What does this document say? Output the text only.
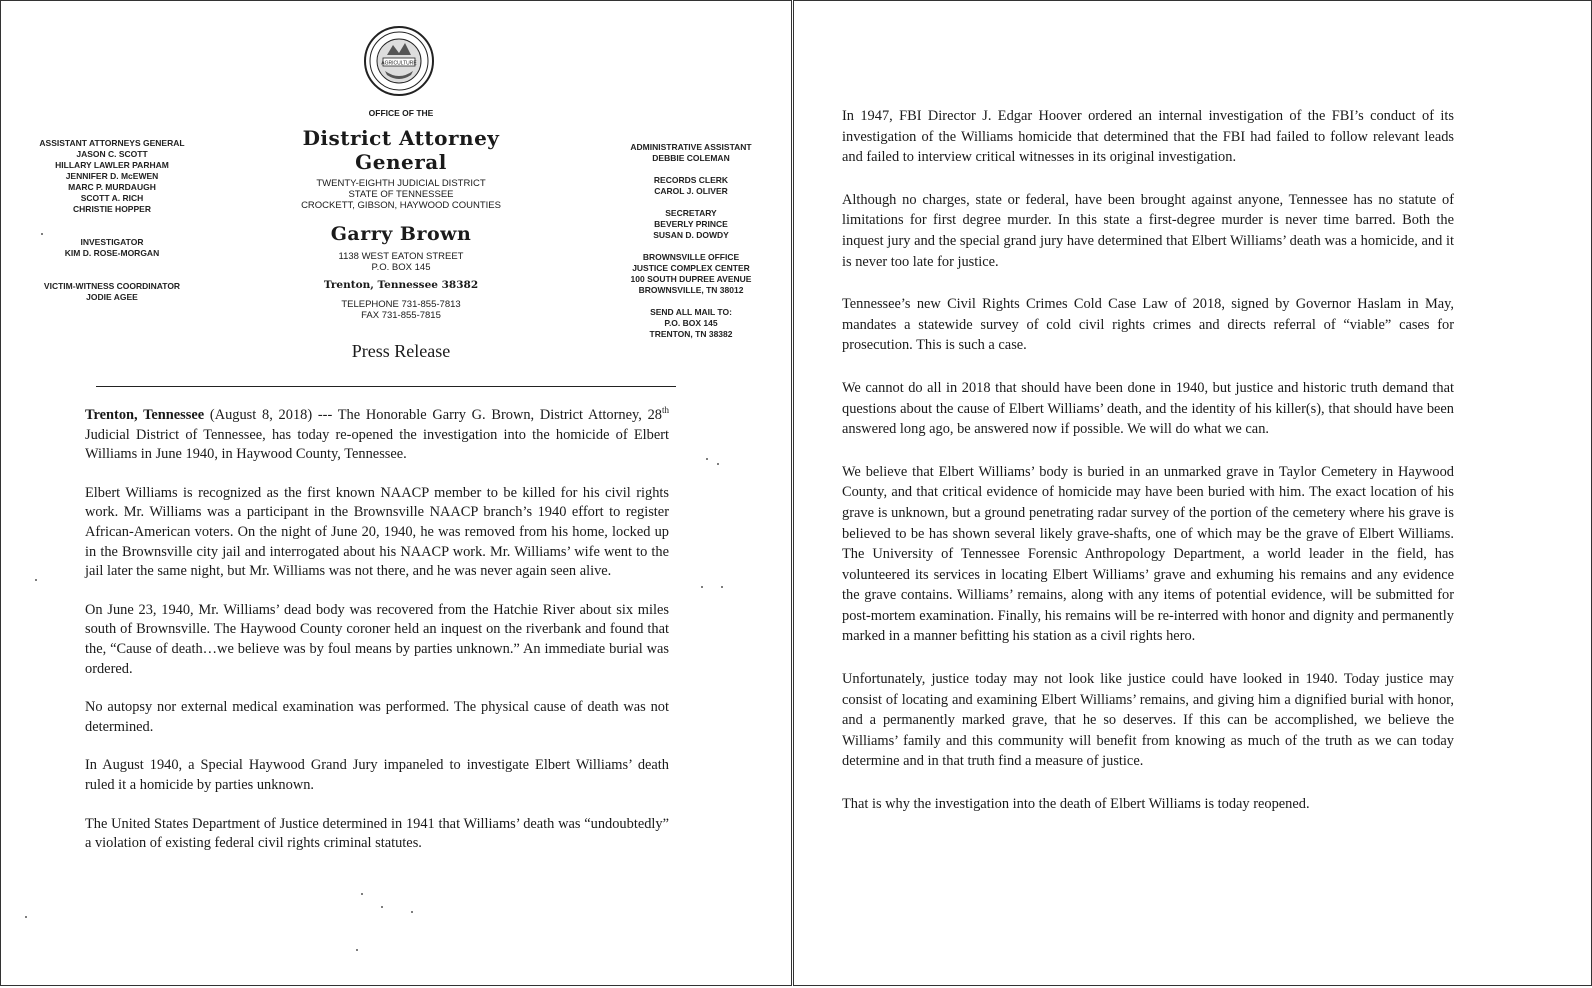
AGRICULTURE
ASSISTANT ATTORNEYS GENERAL
JASON C. SCOTT
HILLARY LAWLER PARHAM
JENNIFER D. McEWEN
MARC P. MURDAUGH
SCOTT A. RICH
CHRISTIE HOPPER
INVESTIGATOR
KIM D. ROSE-MORGAN
VICTIM-WITNESS COORDINATOR
JODIE AGEE
OFFICE OF THE
District Attorney General
TWENTY-EIGHTH JUDICIAL DISTRICT
STATE OF TENNESSEE
CROCKETT, GIBSON, HAYWOOD COUNTIES
Garry Brown
1138 WEST EATON STREET
P.O. BOX 145
Trenton, Tennessee 38382
TELEPHONE 731-855-7813
FAX 731-855-7815
ADMINISTRATIVE ASSISTANT
DEBBIE COLEMAN
RECORDS CLERK
CAROL J. OLIVER
SECRETARY
BEVERLY PRINCE
SUSAN D. DOWDY
BROWNSVILLE OFFICE
JUSTICE COMPLEX CENTER
100 SOUTH DUPREE AVENUE
BROWNSVILLE, TN 38012
SEND ALL MAIL TO:
P.O. BOX 145
TRENTON, TN 38382
Press Release

Trenton, Tennessee (August 8, 2018) --- The Honorable Garry G. Brown, District Attorney, 28th Judicial District of Tennessee, has today re-opened the investigation into the homicide of Elbert Williams in June 1940, in Haywood County, Tennessee.

Elbert Williams is recognized as the first known NAACP member to be killed for his civil rights work. Mr. Williams was a participant in the Brownsville NAACP branch’s 1940 effort to register African-American voters. On the night of June 20, 1940, he was removed from his home, locked up in the Brownsville city jail and interrogated about his NAACP work. Mr. Williams’ wife went to the jail later the same night, but Mr. Williams was not there, and he was never again seen alive.

On June 23, 1940, Mr. Williams’ dead body was recovered from the Hatchie River about six miles south of Brownsville. The Haywood County coroner held an inquest on the riverbank and found that the, “Cause of death…we believe was by foul means by parties unknown.” An immediate burial was ordered.

No autopsy nor external medical examination was performed. The physical cause of death was not determined.

In August 1940, a Special Haywood Grand Jury impaneled to investigate Elbert Williams’ death ruled it a homicide by parties unknown.

The United States Department of Justice determined in 1941 that Williams’ death was “undoubtedly” a violation of existing federal civil rights criminal statutes.

In 1947, FBI Director J. Edgar Hoover ordered an internal investigation of the FBI’s conduct of its investigation of the Williams homicide that determined that the FBI had failed to follow relevant leads and failed to interview critical witnesses in its original investigation.

Although no charges, state or federal, have been brought against anyone, Tennessee has no statute of limitations for first degree murder. In this state a first-degree murder is never time barred. Both the inquest jury and the special grand jury have determined that Elbert Williams’ death was a homicide, and it is never too late for justice.

Tennessee’s new Civil Rights Crimes Cold Case Law of 2018, signed by Governor Haslam in May, mandates a statewide survey of cold civil rights crimes and directs referral of “viable” cases for prosecution. This is such a case.

We cannot do all in 2018 that should have been done in 1940, but justice and historic truth demand that questions about the cause of Elbert Williams’ death, and the identity of his killer(s), that should have been answered long ago, be answered now if possible. We will do what we can.

We believe that Elbert Williams’ body is buried in an unmarked grave in Taylor Cemetery in Haywood County, and that critical evidence of homicide may have been buried with him. The exact location of his grave is unknown, but a ground penetrating radar survey of the portion of the cemetery where his grave is believed to be has shown several likely grave-shafts, one of which may be the grave of Elbert Williams. The University of Tennessee Forensic Anthropology Department, a world leader in the field, has volunteered its services in locating Elbert Williams’ grave and exhuming his remains and any evidence the grave contains. Williams’ remains, along with any items of potential evidence, will be submitted for post-mortem examination. Finally, his remains will be re-interred with honor and dignity and permanently marked in a manner befitting his station as a civil rights hero.

Unfortunately, justice today may not look like justice could have looked in 1940. Today justice may consist of locating and examining Elbert Williams’ remains, and giving him a dignified burial with honor, and a permanently marked grave, that he so deserves. If this can be accomplished, we believe the Williams’ family and this community will benefit from knowing as much of the truth as we can today determine and in that truth find a measure of justice.

That is why the investigation into the death of Elbert Williams is today reopened.
